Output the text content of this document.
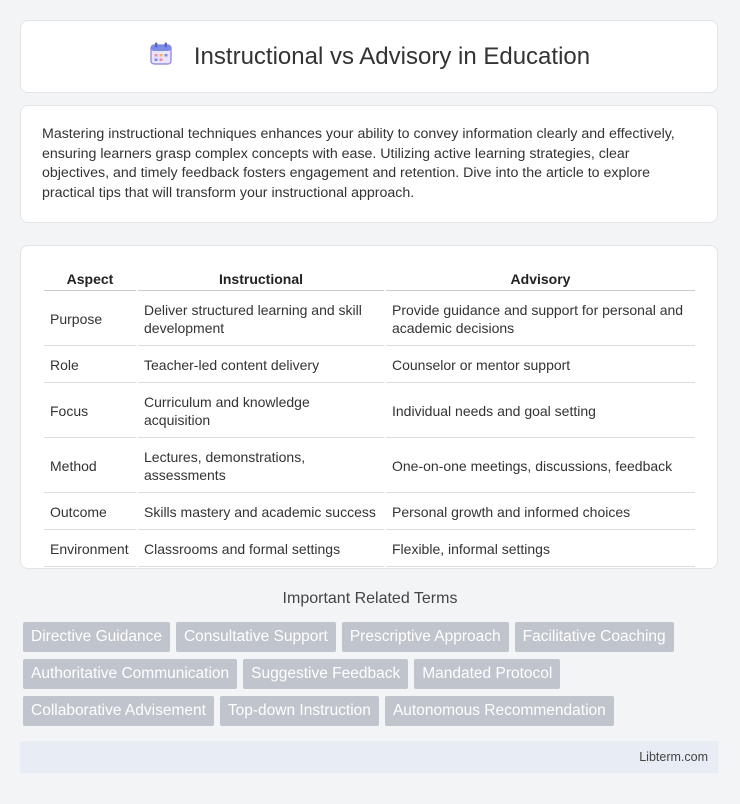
Instructional vs Advisory in Education

Mastering instructional techniques enhances your ability to convey information clearly and effectively, ensuring learners grasp complex concepts with ease. Utilizing active learning strategies, clear objectives, and timely feedback fosters engagement and retention. Dive into the article to explore practical tips that will transform your instructional approach.

Aspect	Instructional	Advisory
Purpose	Deliver structured learning and skill development	Provide guidance and support for personal and academic decisions
Role	Teacher-led content delivery	Counselor or mentor support
Focus	Curriculum and knowledge acquisition	Individual needs and goal setting
Method	Lectures, demonstrations, assessments	One-on-one meetings, discussions, feedback
Outcome	Skills mastery and academic success	Personal growth and informed choices
Environment	Classrooms and formal settings	Flexible, informal settings
Important Related Terms
Directive Guidance	Consultative Support	Prescriptive Approach	Facilitative Coaching
Authoritative Communication	Suggestive Feedback	Mandated Protocol
Collaborative Advisement	Top-down Instruction	Autonomous Recommendation
Libterm.com
